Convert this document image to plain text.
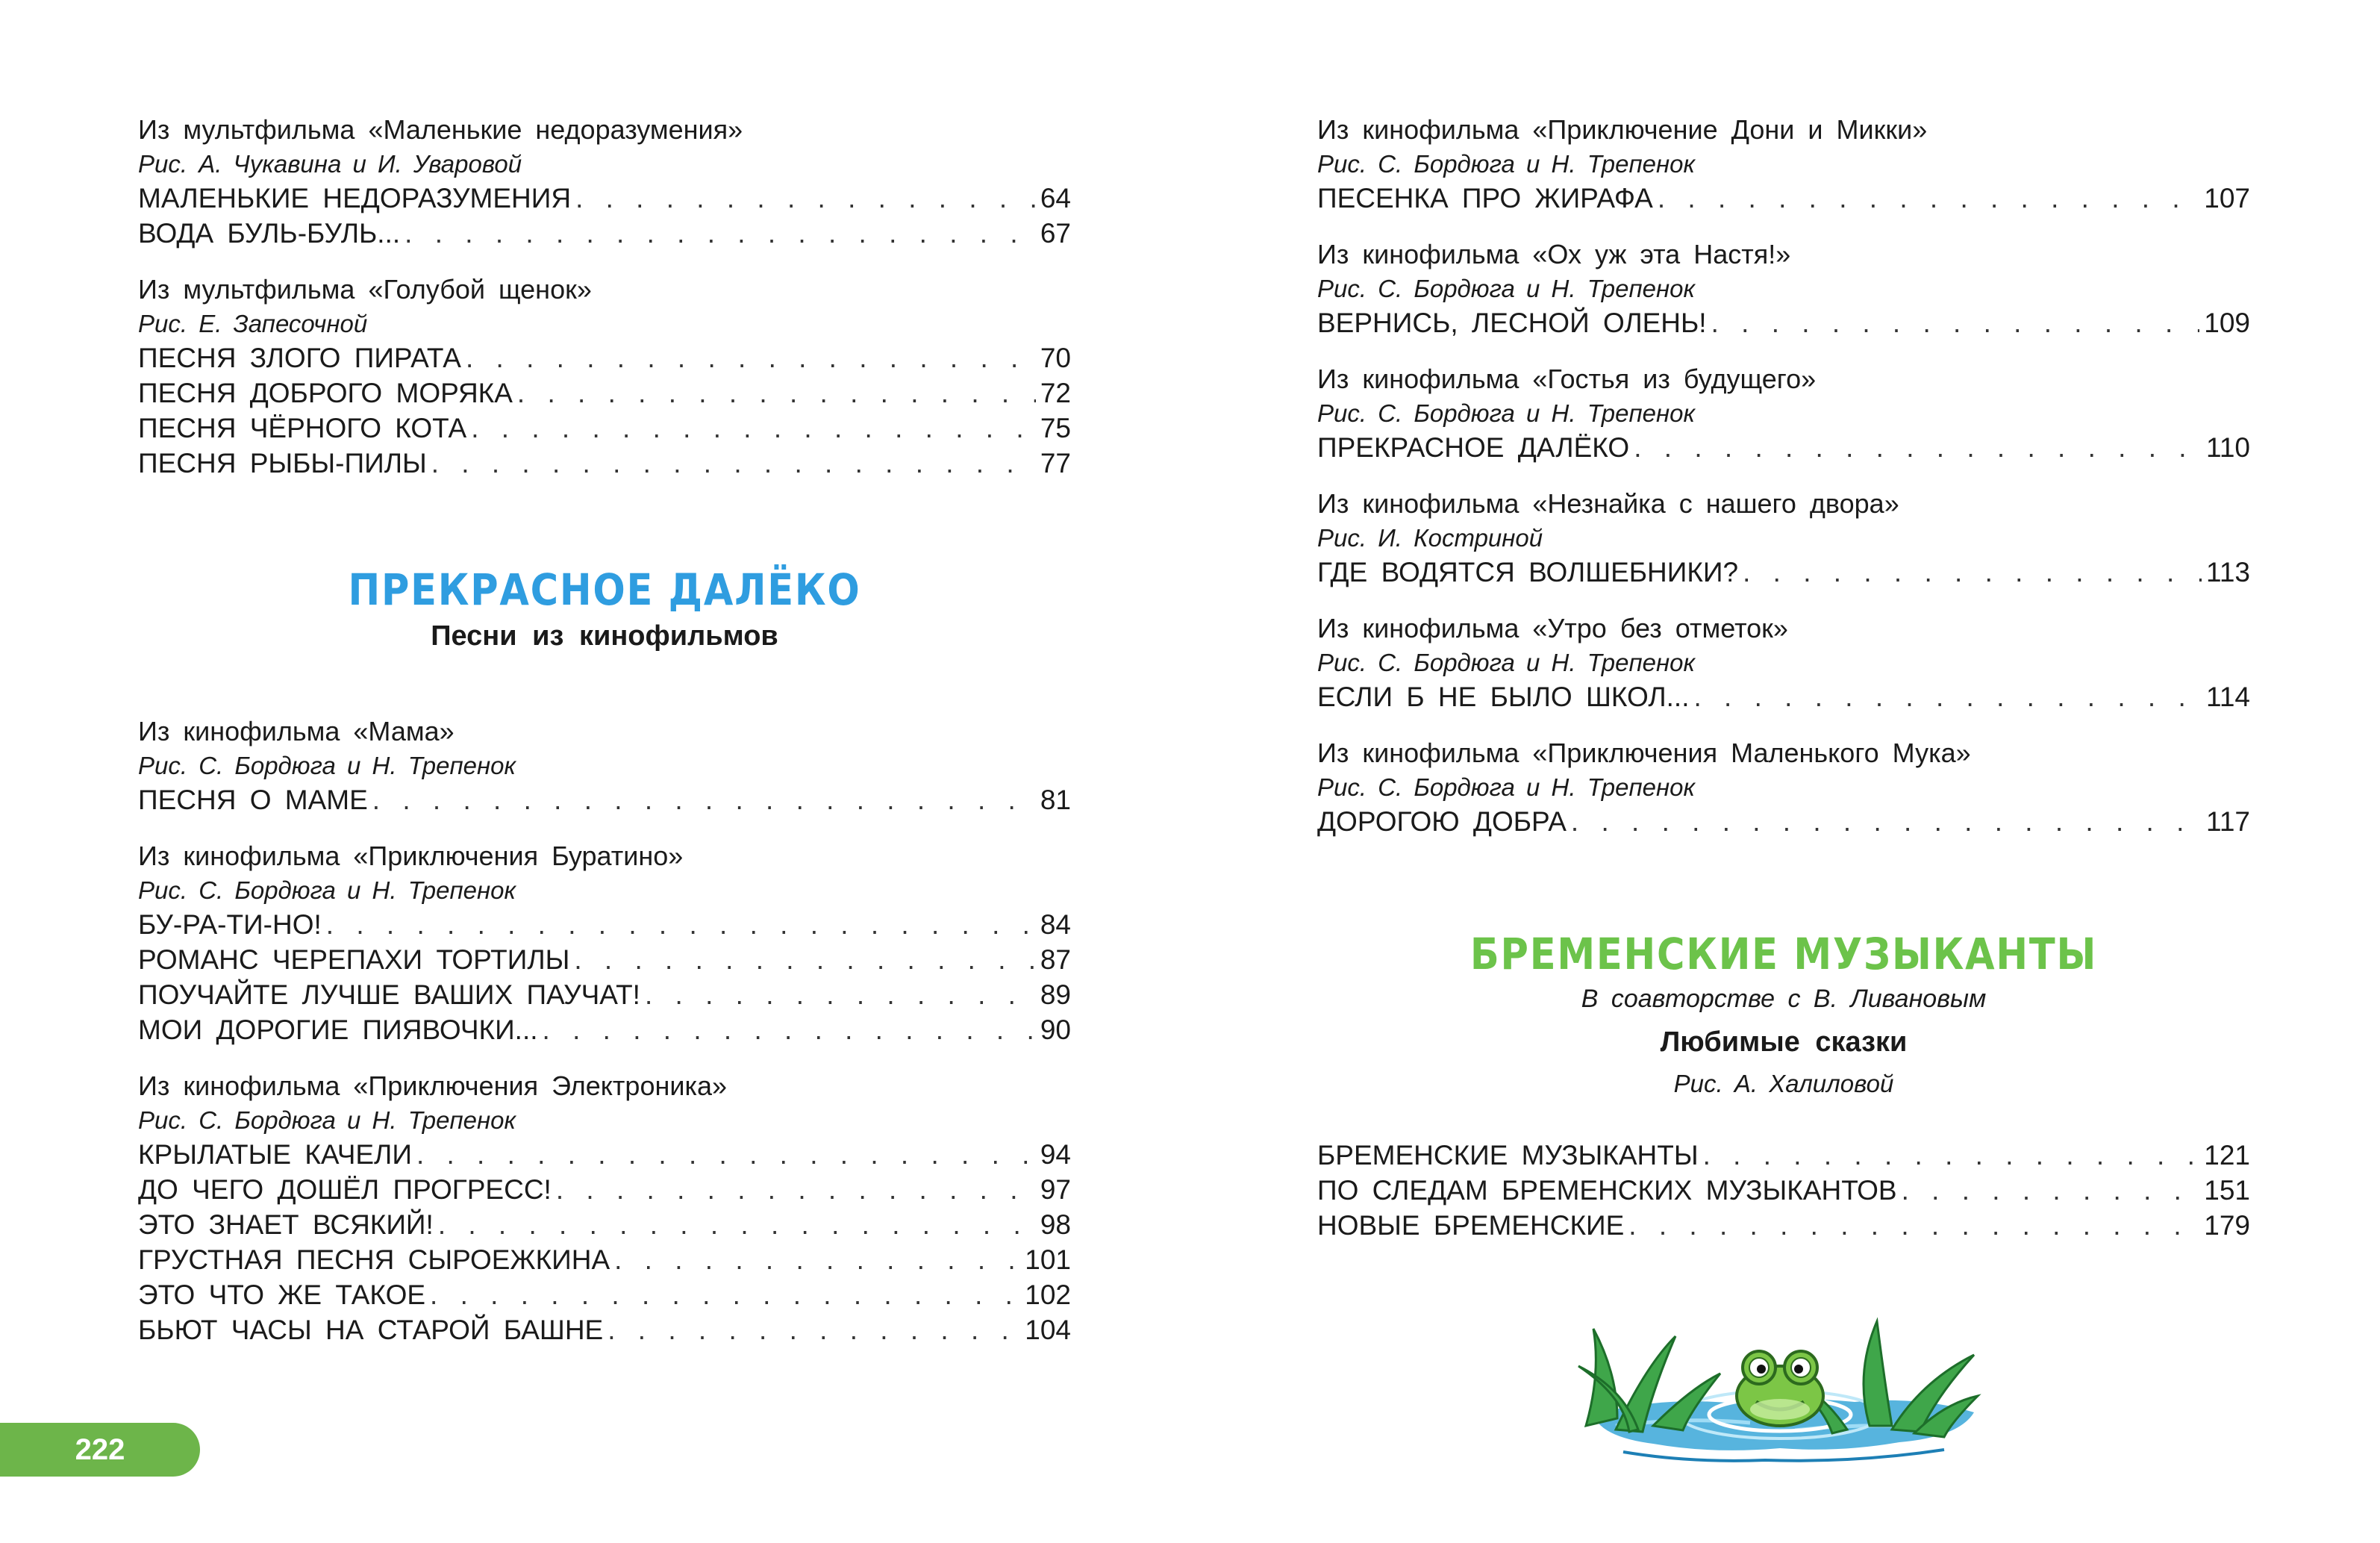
Из мультфильма «Маленькие недоразумения»
Рис. А. Чукавина и И. Уваровой
МАЛЕНЬКИЕ НЕДОРАЗУМЕНИЯ . . .	64
ВОДА БУЛЬ-БУЛЬ... . . .	67
Из мультфильма «Голубой щенок»
Рис. Е. Запесочной
ПЕСНЯ ЗЛОГО ПИРАТА . . .	70
ПЕСНЯ ДОБРОГО МОРЯКА . . .	72
ПЕСНЯ ЧЁРНОГО КОТА . . .	75
ПЕСНЯ РЫБЫ-ПИЛЫ . . .	77
ПРЕКРАСНОЕ ДАЛЁКО
Песни из кинофильмов
Из кинофильма «Мама»
Рис. С. Бордюга и Н. Трепенок
ПЕСНЯ О МАМЕ . . .	81
Из кинофильма «Приключения Буратино»
Рис. С. Бордюга и Н. Трепенок
БУ-РА-ТИ-НО! . . .	84
РОМАНС ЧЕРЕПАХИ ТОРТИЛЫ . . .	87
ПОУЧАЙТЕ ЛУЧШЕ ВАШИХ ПАУЧАТ! . . .	89
МОИ ДОРОГИЕ ПИЯВОЧКИ... . . .	90
Из кинофильма «Приключения Электроника»
Рис. С. Бордюга и Н. Трепенок
КРЫЛАТЫЕ КАЧЕЛИ . . .	94
ДО ЧЕГО ДОШЁЛ ПРОГРЕСС! . . .	97
ЭТО ЗНАЕТ ВСЯКИЙ! . . .	98
ГРУСТНАЯ ПЕСНЯ СЫРОЕЖКИНА . . .	101
ЭТО ЧТО ЖЕ ТАКОЕ . . .	102
БЬЮТ ЧАСЫ НА СТАРОЙ БАШНЕ . . .	104
222
Из кинофильма «Приключение Дони и Микки»
Рис. С. Бордюга и Н. Трепенок
ПЕСЕНКА ПРО ЖИРАФА . . .	107
Из кинофильма «Ох уж эта Настя!»
Рис. С. Бордюга и Н. Трепенок
ВЕРНИСЬ, ЛЕСНОЙ ОЛЕНЬ! . . .	109
Из кинофильма «Гостья из будущего»
Рис. С. Бордюга и Н. Трепенок
ПРЕКРАСНОЕ ДАЛЁКО . . .	110
Из кинофильма «Незнайка с нашего двора»
Рис. И. Костриной
ГДЕ ВОДЯТСЯ ВОЛШЕБНИКИ? . . .	113
Из кинофильма «Утро без отметок»
Рис. С. Бордюга и Н. Трепенок
ЕСЛИ Б НЕ БЫЛО ШКОЛ... . . .	114
Из кинофильма «Приключения Маленького Мука»
Рис. С. Бордюга и Н. Трепенок
ДОРОГОЮ ДОБРА . . .	117
БРЕМЕНСКИЕ МУЗЫКАНТЫ
В соавторстве с В. Ливановым
Любимые сказки
Рис. А. Халиловой
БРЕМЕНСКИЕ МУЗЫКАНТЫ . . .	121
ПО СЛЕДАМ БРЕМЕНСКИХ МУЗЫКАНТОВ . . .	151
НОВЫЕ БРЕМЕНСКИЕ . . .	179
